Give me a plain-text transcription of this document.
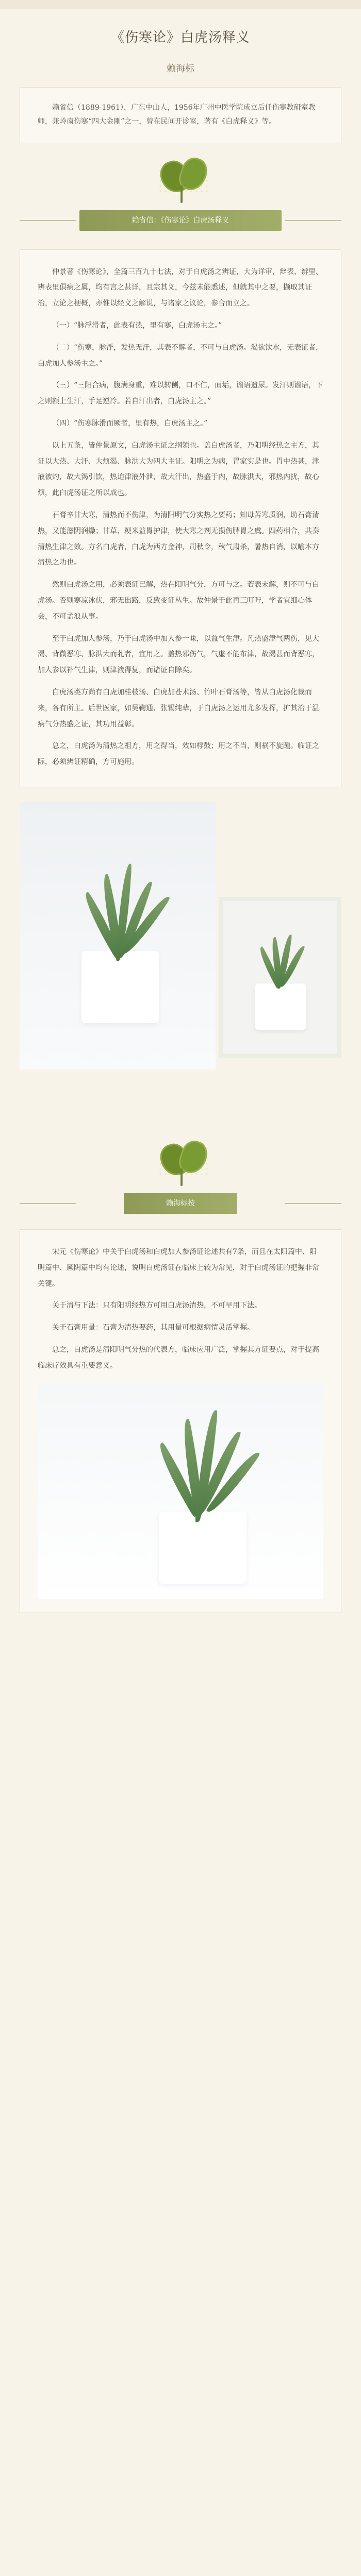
《伤寒论》白虎汤释义
赖海标
赖省信（1889-1961），广东中山人，1956年广州中医学院成立后任伤寒教研室教师，兼岭南伤寒“四大金刚”之一，曾在民间开诊室，著有《白虎释义》等。
赖省信：《伤寒论》白虎汤释义

仲景著《伤寒论》，全篇三百九十七法，对于白虎汤之辨证，大为详审，辩表、辨里、辨表里俱病之属，均有言之甚详，且宗其义，今兹未能悉述，但就其中之要，撷取其证治，立论之梗概，亦惟以经文之解说，与诸家之议论，参合而立之。

（一）“脉浮滑者，此表有热，里有寒，白虎汤主之。”

（二）“伤寒，脉浮，发热无汗，其表不解者，不可与白虎汤。渴欲饮水，无表证者，白虎加人参汤主之。”

（三）“三阳合病，腹满身重，难以转侧，口不仁，面垢，谵语遗尿。发汗则谵语，下之则额上生汗，手足逆冷。若自汗出者，白虎汤主之。”

（四）“伤寒脉滑而厥者，里有热，白虎汤主之。”

以上五条，皆仲景原文，白虎汤主证之纲领也。盖白虎汤者，乃阳明经热之主方，其证以大热、大汗、大烦渴、脉洪大为四大主证。阳明之为病，胃家实是也。胃中热甚，津液被灼，故大渴引饮，热迫津液外泄，故大汗出，热盛于内，故脉洪大，邪热内扰，故心烦，此白虎汤证之所以成也。

石膏辛甘大寒，清热而不伤津，为清阳明气分实热之要药；知母苦寒质润，助石膏清热，又能滋阴润燥；甘草、粳米益胃护津，使大寒之剂无损伤脾胃之虞。四药相合，共奏清热生津之效。方名白虎者，白虎为西方金神，司秋令，秋气肃杀，暑热自消，以喻本方清热之功也。

然则白虎汤之用，必须表证已解，热在阳明气分，方可与之。若表未解，则不可与白虎汤。否则寒凉冰伏，邪无出路，反致变证丛生。故仲景于此再三叮咛，学者宜细心体会，不可孟浪从事。

至于白虎加人参汤，乃于白虎汤中加人参一味，以益气生津。凡热盛津气两伤，见大渴、背微恶寒、脉洪大而芤者，宜用之。盖热邪伤气，气虚不能布津，故渴甚而背恶寒，加人参以补气生津，则津液得复，而诸证自除矣。

白虎汤类方尚有白虎加桂枝汤、白虎加苍术汤、竹叶石膏汤等，皆从白虎汤化裁而来，各有所主。后世医家，如吴鞠通、张锡纯辈，于白虎汤之运用尤多发挥，扩其治于温病气分热盛之证，其功用益彰。

总之，白虎汤为清热之祖方，用之得当，效如桴鼓；用之不当，则祸不旋踵。临证之际，必须辨证精确，方可施用。

赖海标按

宋元《伤寒论》中关于白虎汤和白虎加人参汤证论述共有7条，而且在太阳篇中、阳明篇中、厥阴篇中均有论述，说明白虎汤证在临床上较为常见，对于白虎汤证的把握非常关键。

关于清与下法：只有阳明经热方可用白虎汤清热，不可早用下法。

关于石膏用量：石膏为清热要药，其用量可根据病情灵活掌握。

总之，白虎汤是清阳明气分热的代表方，临床应用广泛，掌握其方证要点，对于提高临床疗效具有重要意义。
